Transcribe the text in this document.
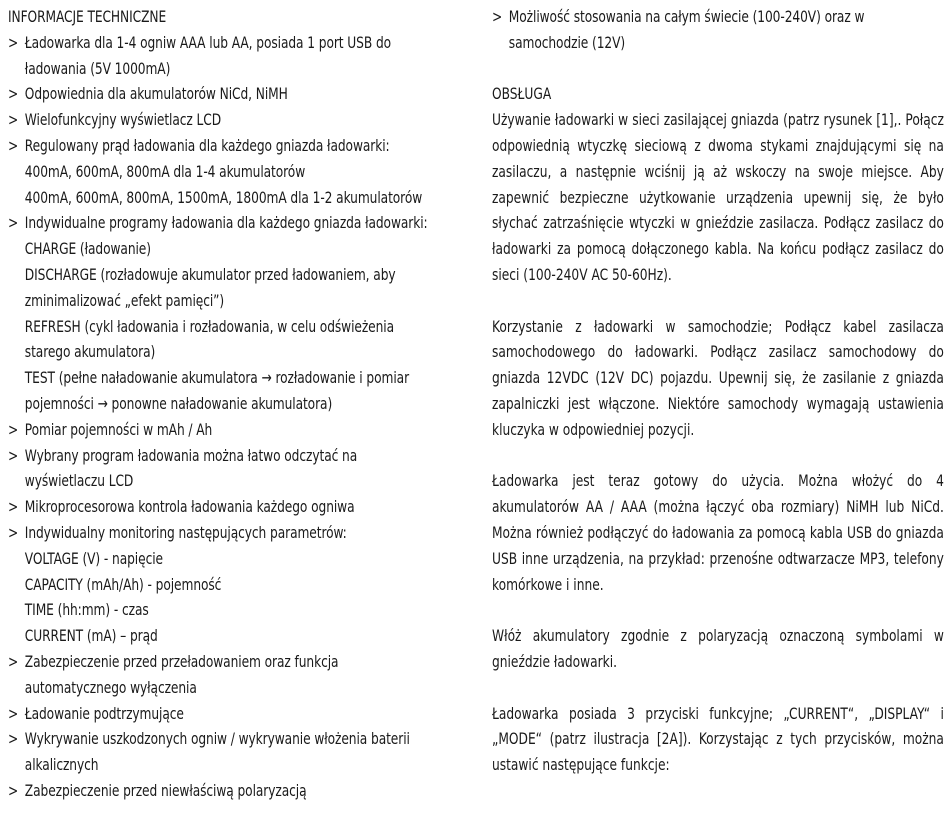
INFORMACJE TECHNICZNE
> Ładowarka dla 1-4 ogniw AAA lub AA, posiada 1 port USB do
ładowania (5V 1000mA)
> Odpowiednia dla akumulatorów NiCd, NiMH
> Wielofunkcyjny wyświetlacz LCD
> Regulowany prąd ładowania dla każdego gniazda ładowarki:
400mA, 600mA, 800mA dla 1-4 akumulatorów
400mA, 600mA, 800mA, 1500mA, 1800mA dla 1-2 akumulatorów
> Indywidualne programy ładowania dla każdego gniazda ładowarki:
CHARGE (ładowanie)
DISCHARGE (rozładowuje akumulator przed ładowaniem, aby
zminimalizować „efekt pamięci”)
REFRESH (cykl ładowania i rozładowania, w celu odświeżenia
starego akumulatora)
TEST (pełne naładowanie akumulatora → rozładowanie i pomiar
pojemności → ponowne naładowanie akumulatora)
> Pomiar pojemności w mAh / Ah
> Wybrany program ładowania można łatwo odczytać na
wyświetlaczu LCD
> Mikroprocesorowa kontrola ładowania każdego ogniwa
> Indywidualny monitoring następujących parametrów:
VOLTAGE (V) - napięcie
CAPACITY (mAh/Ah) - pojemność
TIME (hh:mm) - czas
CURRENT (mA) – prąd
> Zabezpieczenie przed przeładowaniem oraz funkcja
automatycznego wyłączenia
> Ładowanie podtrzymujące
> Wykrywanie uszkodzonych ogniw / wykrywanie włożenia baterii
alkalicznych
> Zabezpieczenie przed niewłaściwą polaryzacją
> Możliwość stosowania na całym świecie (100-240V) oraz w
samochodzie (12V)
OBSŁUGA
Używanie ładowarki w sieci zasilającej gniazda (patrz rysunek [1],. Połącz odpowiednią wtyczkę sieciową z dwoma stykami znajdującymi się na zasilaczu, a następnie wciśnij ją aż wskoczy na swoje miejsce. Aby zapewnić bezpieczne użytkowanie urządzenia upewnij się, że było słychać zatrzaśnięcie wtyczki w gnieździe zasilacza. Podłącz zasilacz do ładowarki za pomocą dołączonego kabla. Na końcu podłącz zasilacz do sieci (100-240V AC 50-60Hz).
Korzystanie z ładowarki w samochodzie; Podłącz kabel zasilacza samochodowego do ładowarki. Podłącz zasilacz samochodowy do gniazda 12VDC (12V DC) pojazdu. Upewnij się, że zasilanie z gniazda zapalniczki jest włączone. Niektóre samochody wymagają ustawienia kluczyka w odpowiedniej pozycji.
Ładowarka jest teraz gotowy do użycia. Można włożyć do 4 akumulatorów AA / AAA (można łączyć oba rozmiary) NiMH lub NiCd. Można również podłączyć do ładowania za pomocą kabla USB do gniazda USB inne urządzenia, na przykład: przenośne odtwarzacze MP3, telefony komórkowe i inne.
Włóż akumulatory zgodnie z polaryzacją oznaczoną symbolami w gnieździe ładowarki.
Ładowarka posiada 3 przyciski funkcyjne; „CURRENT“, „DISPLAY“ i „MODE“ (patrz ilustracja [2A]). Korzystając z tych przycisków, można ustawić następujące funkcje:
